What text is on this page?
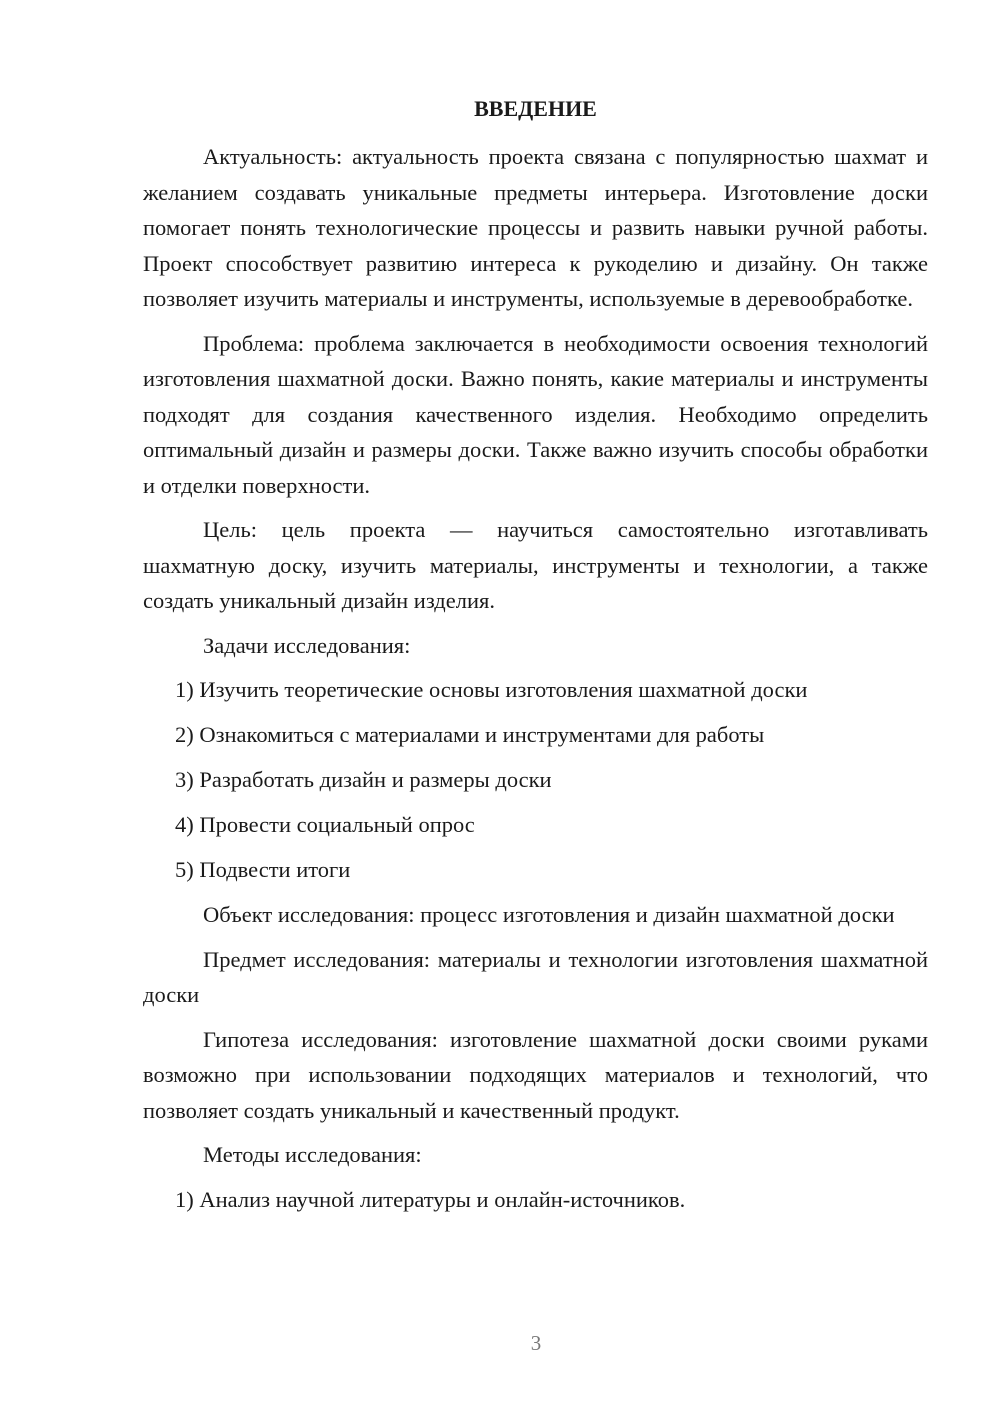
ВВЕДЕНИЕ

Актуальность: актуальность проекта связана с популярностью шахмат и желанием создавать уникальные предметы интерьера. Изготовление доски помогает понять технологические процессы и развить навыки ручной работы. Проект способствует развитию интереса к рукоделию и дизайну. Он также позволяет изучить материалы и инструменты, используемые в деревообработке.

Проблема: проблема заключается в необходимости освоения технологий изготовления шахматной доски. Важно понять, какие материалы и инструменты подходят для создания качественного изделия. Необходимо определить оптимальный дизайн и размеры доски. Также важно изучить способы обработки и отделки поверхности.

Цель: цель проекта — научиться самостоятельно изготавливать шахматную доску, изучить материалы, инструменты и технологии, а также создать уникальный дизайн изделия.

Задачи исследования:
1) Изучить теоретические основы изготовления шахматной доски
2) Ознакомиться с материалами и инструментами для работы
3) Разработать дизайн и размеры доски
4) Провести социальный опрос
5) Подвести итоги

Объект исследования: процесс изготовления и дизайн шахматной доски

Предмет исследования: материалы и технологии изготовления шахматной доски

Гипотеза исследования: изготовление шахматной доски своими руками возможно при использовании подходящих материалов и технологий, что позволяет создать уникальный и качественный продукт.

Методы исследования:
1) Анализ научной литературы и онлайн-источников.
3
